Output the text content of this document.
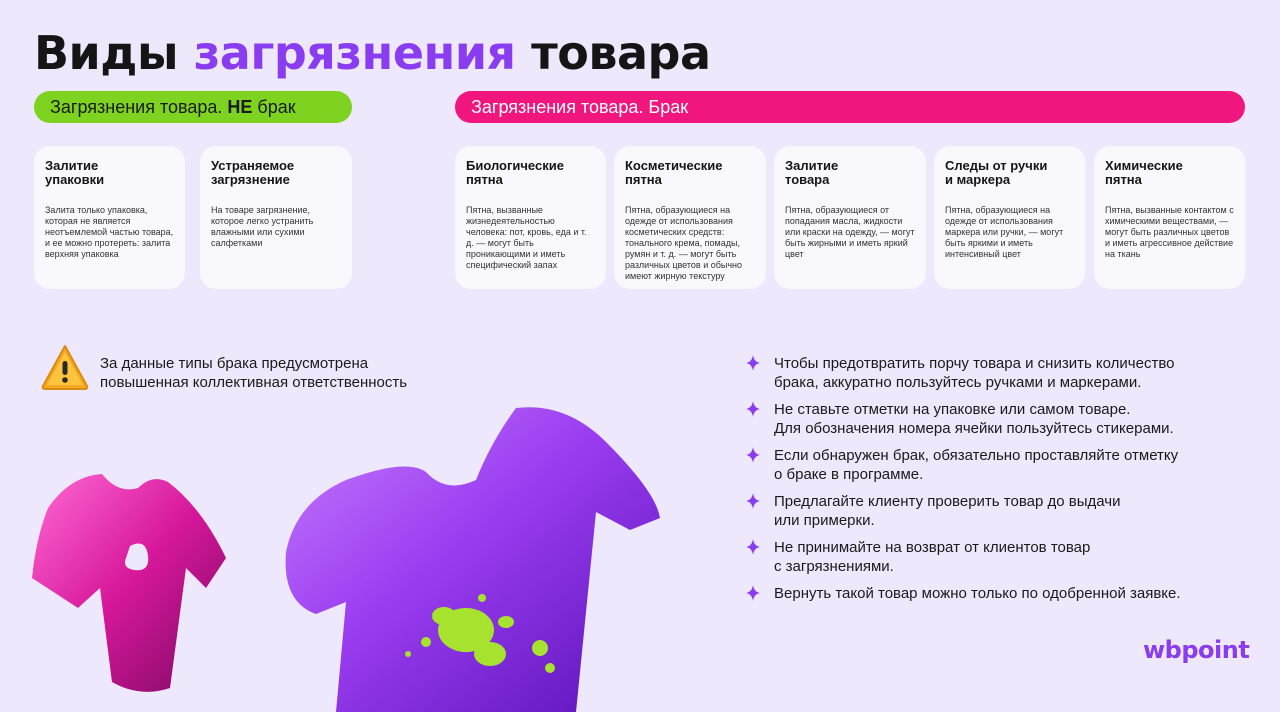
Виды загрязнения товара
Загрязнения товара. НЕ брак	Загрязнения товара. Брак
Залитие
упаковки
Залита только упаковка, которая не является неотъемлемой частью товара, и ее можно протереть: залита верхняя упаковка
Устраняемое
загрязнение
На товаре загрязнение, которое легко устранить влажными или сухими салфетками
Биологические
пятна
Пятна, вызванные жизнедеятельностью человека: пот, кровь, еда и т. д. — могут быть проникающими и иметь специфический запах
Косметические
пятна
Пятна, образующиеся на одежде от использования косметических средств: тонального крема, помады, румян и т. д. — могут быть различных цветов и обычно имеют жирную текстуру
Залитие
товара
Пятна, образующиеся от попадания масла, жидкости или краски на одежду, — могут быть жирными и иметь яркий цвет
Следы от ручки
и маркера
Пятна, образующиеся на одежде от использования маркера или ручки, — могут быть яркими и иметь интенсивный цвет
Химические
пятна
Пятна, вызванные контактом с химическими веществами, — могут быть различных цветов и иметь агрессивное действие на ткань
За данные типы брака предусмотрена
повышенная коллективная ответственность
Чтобы предотвратить порчу товара и снизить количество
брака, аккуратно пользуйтесь ручками и маркерами.
Не ставьте отметки на упаковке или самом товаре.
Для обозначения номера ячейки пользуйтесь стикерами.
Если обнаружен брак, обязательно проставляйте отметку
о браке в программе.
Предлагайте клиенту проверить товар до выдачи
или примерки.
Не принимайте на возврат от клиентов товар
с загрязнениями.
Вернуть такой товар можно только по одобренной заявке.
wbpoint
